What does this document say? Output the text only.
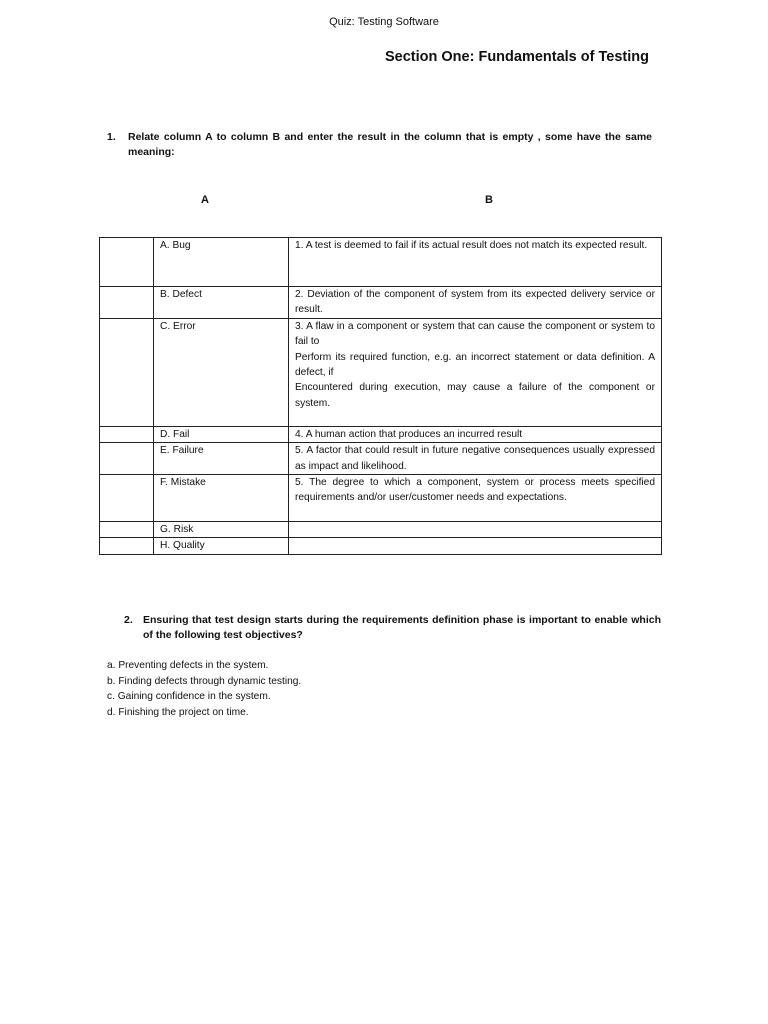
Quiz: Testing Software
Section One: Fundamentals of Testing
1. Relate column A to column B and enter the result in the column that is empty , some have the same meaning:
A	B
	A. Bug	1. A test is deemed to fail if its actual result does not match its expected result.

	B. Defect	2. Deviation of the component of system from its expected delivery service or result.

	C. Error	3. A flaw in a component or system that can cause the component or system to fail to
Perform its required function, e.g. an incorrect statement or data definition. A defect, if
Encountered during execution, may cause a failure of the component or system.

	D. Fail	4. A human action that produces an incurred result

	E. Failure	5. A factor that could result in future negative consequences usually expressed as impact and likelihood.

	F. Mistake	5. The degree to which a component, system or process meets specified requirements and/or user/customer needs and expectations.

	G. Risk	

	H. Quality	
2. Ensuring that test design starts during the requirements definition phase is important to enable which of the following test objectives?
a. Preventing defects in the system.
b. Finding defects through dynamic testing.
c. Gaining confidence in the system.
d. Finishing the project on time.
